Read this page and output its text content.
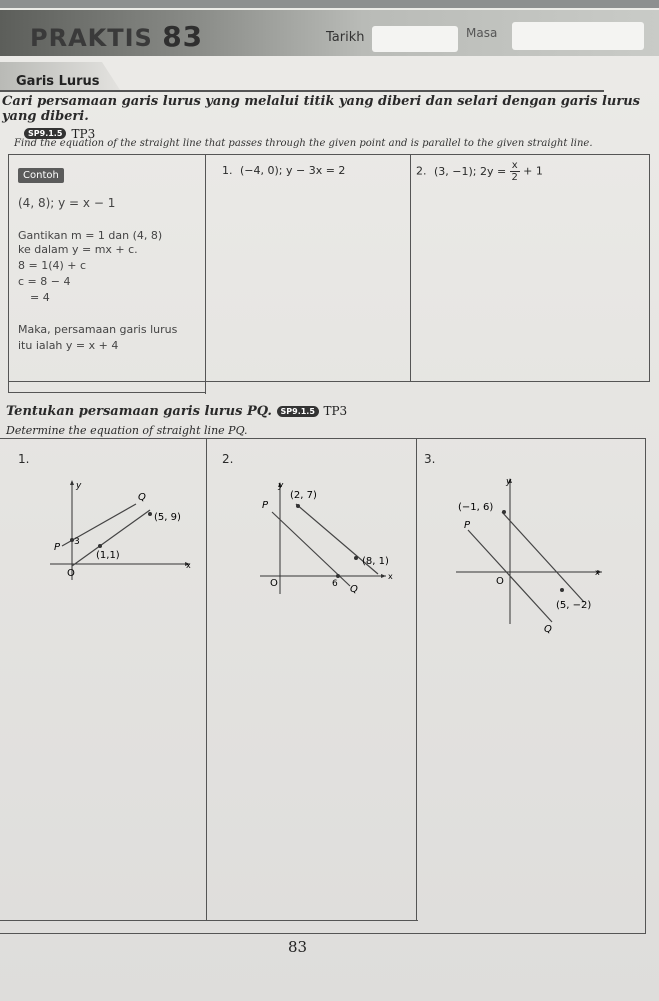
PRAKTIS 83	Tarikh	Masa
Garis Lurus
Cari persamaan garis lurus yang melalui titik yang diberi dan selari dengan garis lurus yang diberi.
SP9.1.5 TP3
Find the equation of the straight line that passes through the given point and is parallel to the given straight line.
Contoh
(4, 8); y = x − 1
Gantikan m = 1 dan (4, 8)
ke dalam y = mx + c.
8 = 1(4) + c
c = 8 − 4
= 4
Maka, persamaan garis lurus
itu ialah y = x + 4
1. (−4, 0); y − 3x = 2	2. (3, −1); $2y = \frac{x}{2} + 1$
Tentukan persamaan garis lurus PQ. SP9.1.5 TP3
Determine the equation of straight line PQ.
1.
y
x
O
P
Q
3
(5, 9)
(1,1)
2.
y
x
O
P
Q
6
(2, 7)
(8, 1)
3.
y
x
O
P
Q
(−1, 6)
(5, −2)
83
